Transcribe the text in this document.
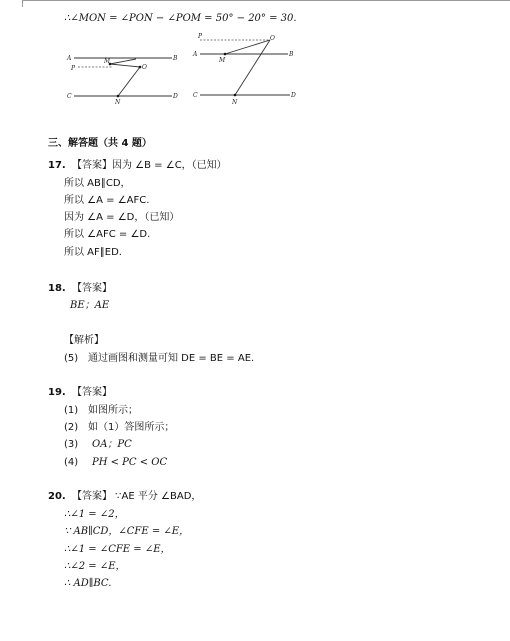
∴∠MON = ∠PON − ∠POM = 50° − 20° = 30.
A	B
P
M
O
C
N
D
P	O
A
M
B
C
N
D
三、解答题（共 4 题）
17. 【答案】因为 ∠B = ∠C，（已知）
所以 AB∥CD，
所以 ∠A = ∠AFC.
因为 ∠A = ∠D，（已知）
所以 ∠AFC = ∠D.
所以 AF∥ED.
18. 【答案】
BE；AE
【解析】
(5) 通过画图和测量可知 DE = BE = AE.
19. 【答案】
(1) 如图所示；
(2) 如（1）答图所示；
(3) OA；PC
(4) PH < PC < OC
20. 【答案】 ∵AE 平分 ∠BAD，
∴∠1 = ∠2，
∵ AB∥CD，∠CFE = ∠E，
∴∠1 = ∠CFE = ∠E，
∴∠2 = ∠E，
∴ AD∥BC.
